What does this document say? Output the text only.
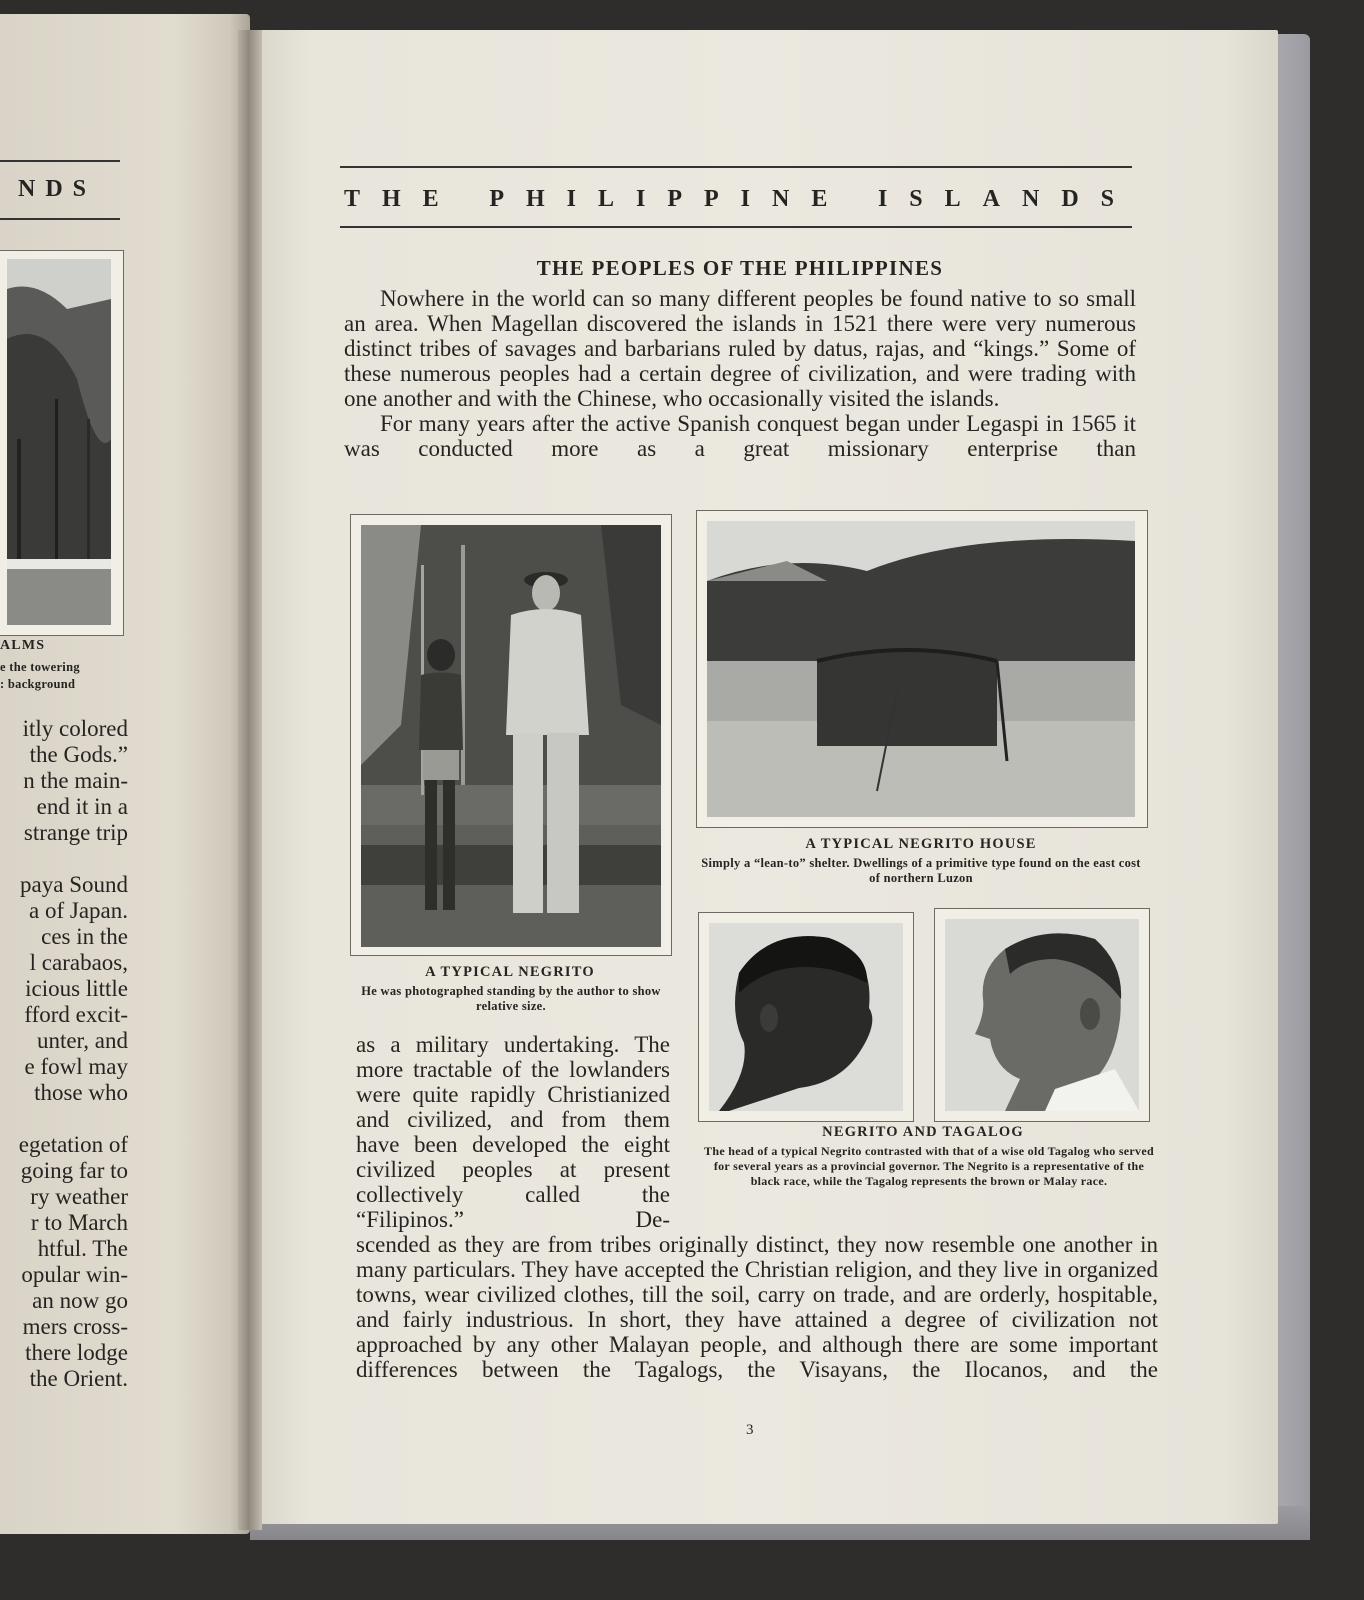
N D S
ALMS
e the towering
: background
itly colored
the Gods.”
n the main-
end it in a
strange trip

paya Sound
a of Japan.
ces in the
l carabaos,
icious little
fford excit-
unter, and
e fowl may
those who

egetation of
going far to
ry weather
r to March
htful. The
opular win-
an now go
mers cross-
there lodge
the Orient.
THE PHILIPPINE ISLANDS
THE PEOPLES OF THE PHILIPPINES

Nowhere in the world can so many different peoples be found native to so small an area. When Magellan discovered the islands in 1521 there were very numerous distinct tribes of savages and barbarians ruled by datus, rajas, and “kings.” Some of these numerous peoples had a certain degree of civilization, and were trading with one another and with the Chinese, who occasionally visited the islands.

For many years after the active Spanish conquest began under Legaspi in 1565 it was conducted more as a great missionary enterprise than

A TYPICAL NEGRITO
He was photographed standing by the author to show relative size.
A TYPICAL NEGRITO HOUSE
Simply a “lean-to” shelter. Dwellings of a primitive type found on the east cost of northern Luzon
NEGRITO AND TAGALOG
The head of a typical Negrito contrasted with that of a wise old Tagalog who served for several years as a provincial governor. The Negrito is a representative of the black race, while the Tagalog represents the brown or Malay race.

as a military undertaking. The more tractable of the lowlanders were quite rapidly Christianized and civilized, and from them have been developed the eight civilized peoples at present collectively called the “Filipinos.” De-

scended as they are from tribes originally distinct, they now resemble one another in many particulars. They have accepted the Christian religion, and they live in organized towns, wear civilized clothes, till the soil, carry on trade, and are orderly, hospitable, and fairly industrious. In short, they have attained a degree of civilization not approached by any other Malayan people, and although there are some important differences between the Tagalogs, the Visayans, the Ilocanos, and the

3
